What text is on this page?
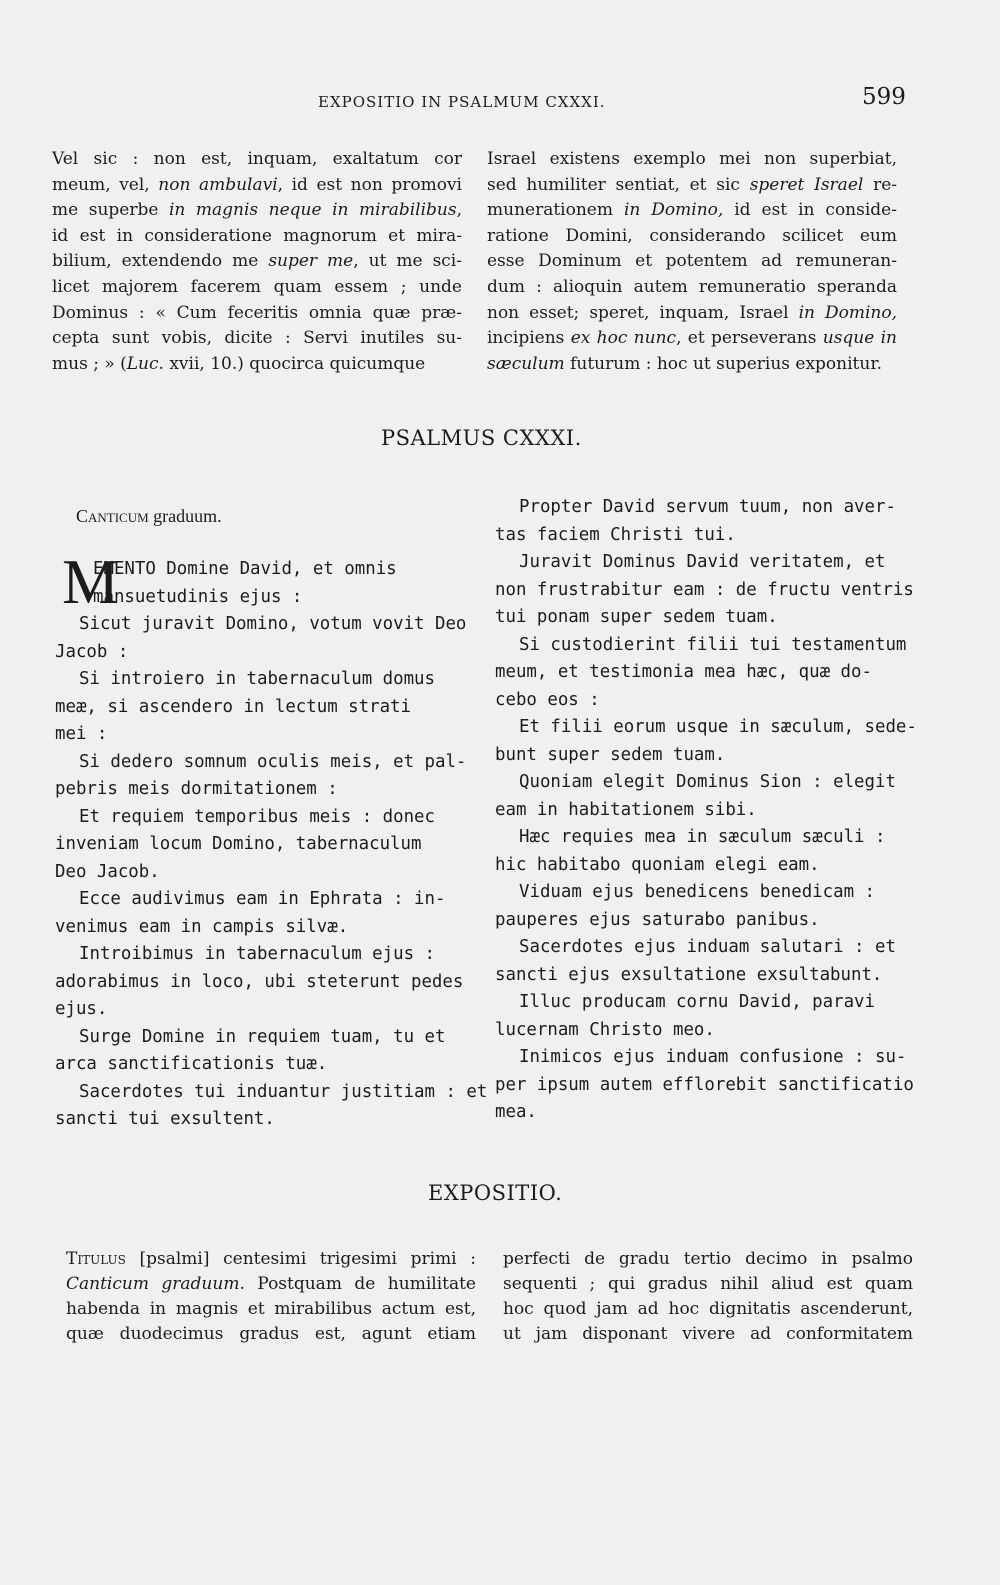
EXPOSITIO IN PSALMUM CXXXI.	599
Vel sic : non est, inquam, exaltatum cor
meum, vel, non ambulavi, id est non promovi
me superbe in magnis neque in mirabilibus,
id est in consideratione magnorum et mira-
bilium, extendendo me super me, ut me sci-
licet majorem facerem quam essem ; unde
Dominus : « Cum feceritis omnia quæ præ-
cepta sunt vobis, dicite : Servi inutiles su-
mus ; » (Luc. xvii, 10.) quocirca quicumque
Israel existens exemplo mei non superbiat,
sed humiliter sentiat, et sic speret Israel re-
munerationem in Domino, id est in conside-
ratione Domini, considerando scilicet eum
esse Dominum et potentem ad remuneran-
dum : alioquin autem remuneratio speranda
non esset; speret, inquam, Israel in Domino,
incipiens ex hoc nunc, et perseverans usque in
sæculum futurum : hoc ut superius exponitur.
PSALMUS CXXXI.
Canticum graduum.
M

EMENTO Domine David, et omnis
mansuetudinis ejus :

Sicut juravit Domino, votum vovit Deo
Jacob :

Si introiero in tabernaculum domus
meæ, si ascendero in lectum strati
mei :

Si dedero somnum oculis meis, et pal-
pebris meis dormitationem :

Et requiem temporibus meis : donec
inveniam locum Domino, tabernaculum
Deo Jacob.

Ecce audivimus eam in Ephrata : in-
venimus eam in campis silvæ.

Introibimus in tabernaculum ejus :
adorabimus in loco, ubi steterunt pedes
ejus.

Surge Domine in requiem tuam, tu et
arca sanctificationis tuæ.

Sacerdotes tui induantur justitiam : et
sancti tui exsultent.

Propter David servum tuum, non aver-
tas faciem Christi tui.

Juravit Dominus David veritatem, et
non frustrabitur eam : de fructu ventris
tui ponam super sedem tuam.

Si custodierint filii tui testamentum
meum, et testimonia mea hæc, quæ do-
cebo eos :

Et filii eorum usque in sæculum, sede-
bunt super sedem tuam.

Quoniam elegit Dominus Sion : elegit
eam in habitationem sibi.

Hæc requies mea in sæculum sæculi :
hic habitabo quoniam elegi eam.

Viduam ejus benedicens benedicam :
pauperes ejus saturabo panibus.

Sacerdotes ejus induam salutari : et
sancti ejus exsultatione exsultabunt.

Illuc producam cornu David, paravi
lucernam Christo meo.

Inimicos ejus induam confusione : su-
per ipsum autem efflorebit sanctificatio
mea.

EXPOSITIO.
Titulus [psalmi] centesimi trigesimi primi :
Canticum graduum. Postquam de humilitate
habenda in magnis et mirabilibus actum est,
quæ duodecimus gradus est, agunt etiam
perfecti de gradu tertio decimo in psalmo
sequenti ; qui gradus nihil aliud est quam
hoc quod jam ad hoc dignitatis ascenderunt,
ut jam disponant vivere ad conformitatem
